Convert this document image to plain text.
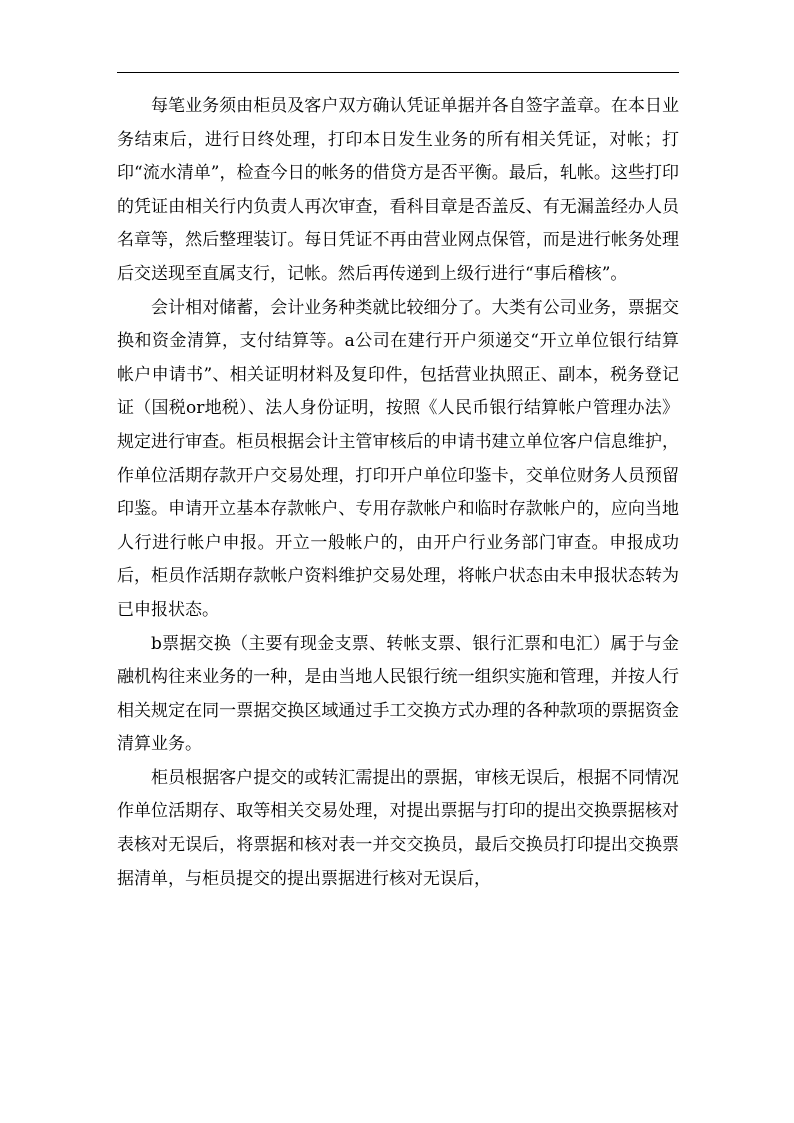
每笔业务须由柜员及客户双方确认凭证单据并各自签字盖章。在本日业务结束后，进行日终处理，打印本日发生业务的所有相关凭证，对帐；打印“流水清单”，检查今日的帐务的借贷方是否平衡。最后，轧帐。这些打印的凭证由相关行内负责人再次审查，看科目章是否盖反、有无漏盖经办人员名章等，然后整理装订。每日凭证不再由营业网点保管，而是进行帐务处理后交送现至直属支行，记帐。然后再传递到上级行进行“事后稽核”。

会计相对储蓄，会计业务种类就比较细分了。大类有公司业务，票据交换和资金清算，支付结算等。a公司在建行开户须递交“开立单位银行结算帐户申请书”、相关证明材料及复印件，包括营业执照正、副本，税务登记证（国税or地税）、法人身份证明，按照《人民币银行结算帐户管理办法》规定进行审查。柜员根据会计主管审核后的申请书建立单位客户信息维护，作单位活期存款开户交易处理，打印开户单位印鉴卡，交单位财务人员预留印鉴。申请开立基本存款帐户、专用存款帐户和临时存款帐户的，应向当地人行进行帐户申报。开立一般帐户的，由开户行业务部门审查。申报成功后，柜员作活期存款帐户资料维护交易处理，将帐户状态由未申报状态转为已申报状态。

b票据交换（主要有现金支票、转帐支票、银行汇票和电汇）属于与金融机构往来业务的一种，是由当地人民银行统一组织实施和管理，并按人行相关规定在同一票据交换区域通过手工交换方式办理的各种款项的票据资金清算业务。

柜员根据客户提交的或转汇需提出的票据，审核无误后，根据不同情况作单位活期存、取等相关交易处理，对提出票据与打印的提出交换票据核对表核对无误后，将票据和核对表一并交交换员，最后交换员打印提出交换票据清单，与柜员提交的提出票据进行核对无误后，
